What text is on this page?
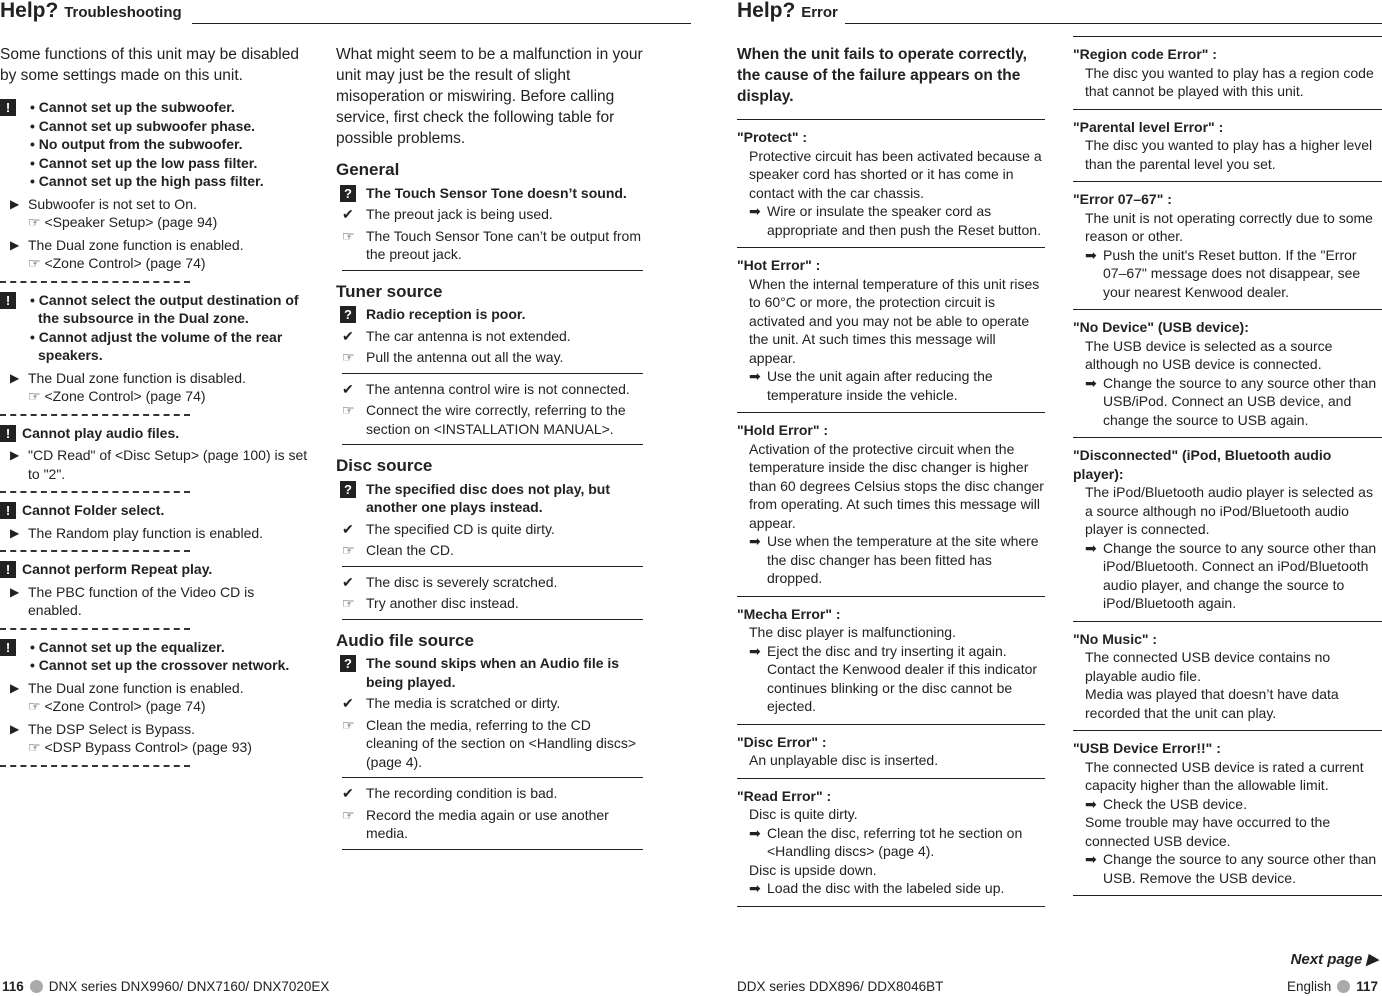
Help? Troubleshooting	Help? Error
Some functions of this unit may be disabled by some settings made on this unit.
!	• Cannot set up the subwoofer.
• Cannot set up subwoofer phase.
• No output from the subwoofer.
• Cannot set up the low pass filter.
• Cannot set up the high pass filter.
▶ Subwoofer is not set to On.
☞ <Speaker Setup> (page 94)
▶ The Dual zone function is enabled.
☞ <Zone Control> (page 74)
!	• Cannot select the output destination of the subsource in the Dual zone.
• Cannot adjust the volume of the rear speakers.
▶ The Dual zone function is disabled.
☞ <Zone Control> (page 74)
! Cannot play audio files.
▶ "CD Read" of <Disc Setup> (page 100) is set to "2".
! Cannot Folder select.
▶ The Random play function is enabled.
! Cannot perform Repeat play.
▶ The PBC function of the Video CD is enabled.
!	• Cannot set up the equalizer.
• Cannot set up the crossover network.
▶ The Dual zone function is enabled.
☞ <Zone Control> (page 74)
▶ The DSP Select is Bypass.
☞ <DSP Bypass Control> (page 93)
What might seem to be a malfunction in your unit may just be the result of slight misoperation or miswiring. Before calling service, first check the following table for possible problems.
General
? The Touch Sensor Tone doesn’t sound.
✔ The preout jack is being used.
☞ The Touch Sensor Tone can’t be output from the preout jack.
Tuner source
? Radio reception is poor.
✔ The car antenna is not extended.
☞ Pull the antenna out all the way.
✔ The antenna control wire is not connected.
☞ Connect the wire correctly, referring to the section on <INSTALLATION MANUAL>.
Disc source
? The specified disc does not play, but another one plays instead.
✔ The specified CD is quite dirty.
☞ Clean the CD.
✔ The disc is severely scratched.
☞ Try another disc instead.
Audio file source
? The sound skips when an Audio file is being played.
✔ The media is scratched or dirty.
☞ Clean the media, referring to the CD cleaning of the section on <Handling discs> (page 4).
✔ The recording condition is bad.
☞ Record the media again or use another media.
When the unit fails to operate correctly, the cause of the failure appears on the display.
"Protect" :
Protective circuit has been activated because a speaker cord has shorted or it has come in contact with the car chassis.
➡ Wire or insulate the speaker cord as appropriate and then push the Reset button.
"Hot Error" :
When the internal temperature of this unit rises to 60°C or more, the protection circuit is activated and you may not be able to operate the unit. At such times this message will appear.
➡ Use the unit again after reducing the temperature inside the vehicle.
"Hold Error" :
Activation of the protective circuit when the temperature inside the disc changer is higher than 60 degrees Celsius stops the disc changer from operating. At such times this message will appear.
➡ Use when the temperature at the site where the disc changer has been fitted has dropped.
"Mecha Error" :
The disc player is malfunctioning.
➡ Eject the disc and try inserting it again. Contact the Kenwood dealer if this indicator continues blinking or the disc cannot be ejected.
"Disc Error" :
An unplayable disc is inserted.
"Read Error" :
Disc is quite dirty.
➡ Clean the disc, referring tot he section on <Handling discs> (page 4).
Disc is upside down.
➡ Load the disc with the labeled side up.
"Region code Error" :
The disc you wanted to play has a region code that cannot be played with this unit.
"Parental level Error" :
The disc you wanted to play has a higher level than the parental level you set.
"Error 07–67" :
The unit is not operating correctly due to some reason or other.
➡ Push the unit's Reset button. If the "Error 07–67" message does not disappear, see your nearest Kenwood dealer.
"No Device" (USB device):
The USB device is selected as a source although no USB device is connected.
➡ Change the source to any source other than USB/iPod. Connect an USB device, and change the source to USB again.
"Disconnected" (iPod, Bluetooth audio player):
The iPod/Bluetooth audio player is selected as a source although no iPod/Bluetooth audio player is connected.
➡ Change the source to any source other than iPod/Bluetooth. Connect an iPod/Bluetooth audio player, and change the source to iPod/Bluetooth again.
"No Music" :
The connected USB device contains no playable audio file.
Media was played that doesn’t have data recorded that the unit can play.
"USB Device Error!!" :
The connected USB device is rated a current capacity higher than the allowable limit.
➡ Check the USB device.
Some trouble may have occurred to the connected USB device.
➡ Change the source to any source other than USB. Remove the USB device.
Next page ▶
116 DNX series DNX9960/ DNX7160/ DNX7020EX	DDX series DDX896/ DDX8046BT	English 117
